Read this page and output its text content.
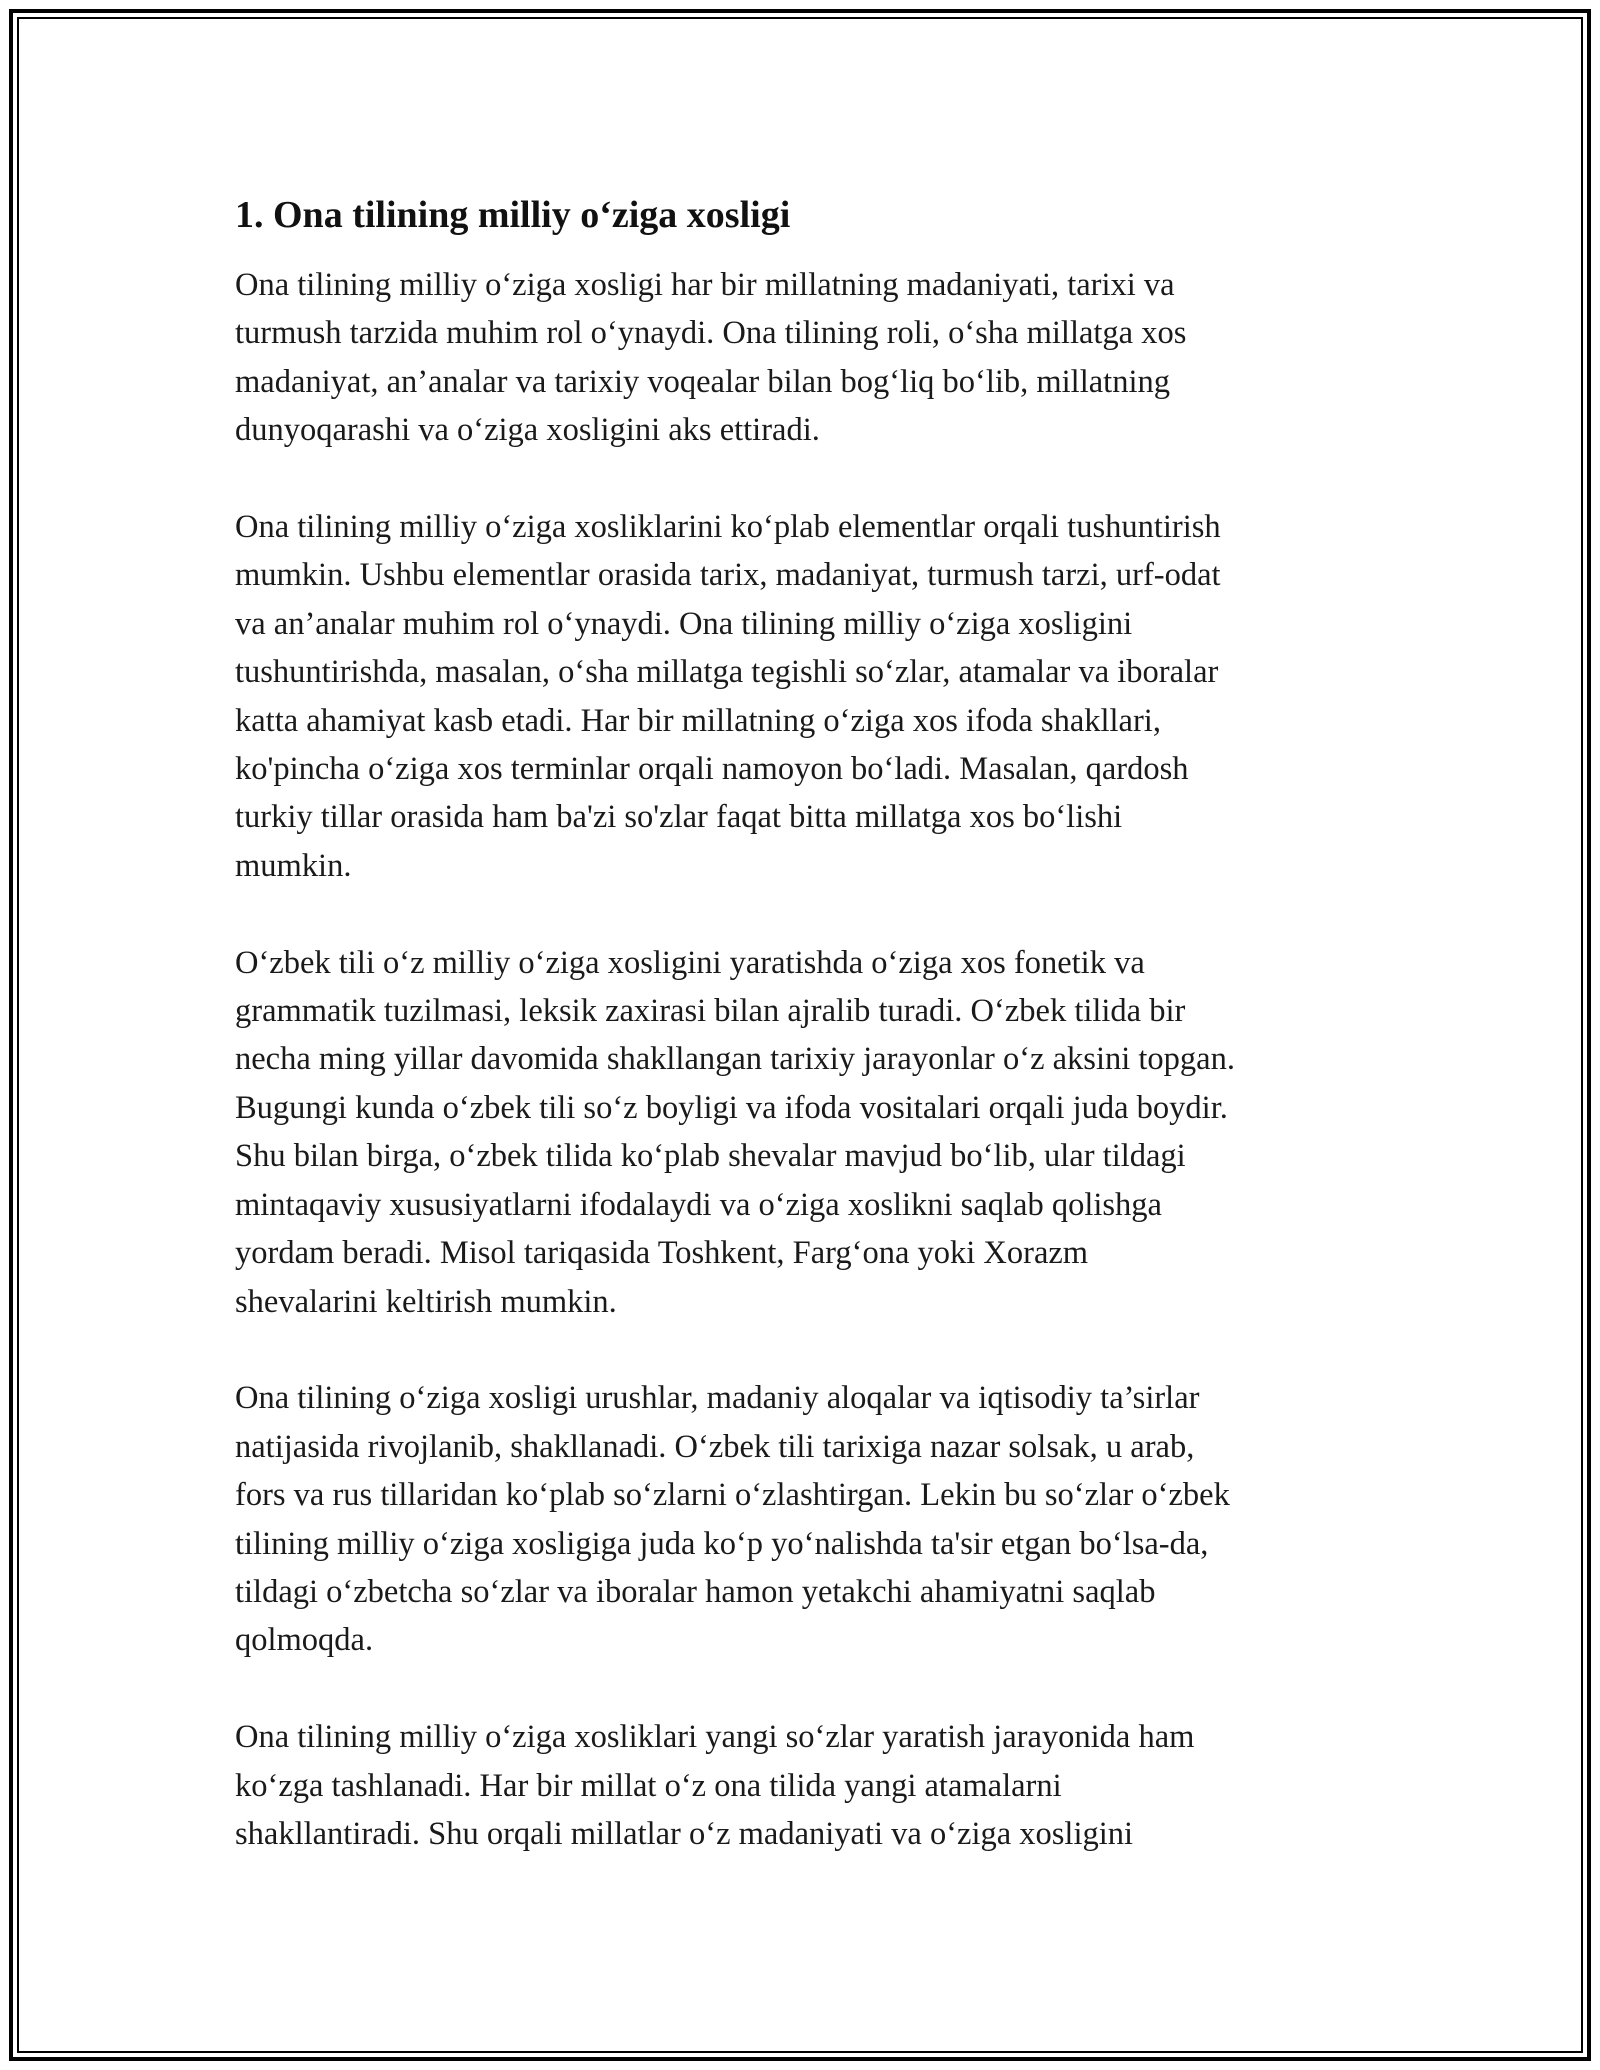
1. Ona tilining milliy o‘ziga xosligi
Ona tilining milliy o‘ziga xosligi har bir millatning madaniyati, tarixi va
turmush tarzida muhim rol o‘ynaydi. Ona tilining roli, o‘sha millatga xos
madaniyat, an’analar va tarixiy voqealar bilan bog‘liq bo‘lib, millatning
dunyoqarashi va o‘ziga xosligini aks ettiradi.
Ona tilining milliy o‘ziga xosliklarini ko‘plab elementlar orqali tushuntirish
mumkin. Ushbu elementlar orasida tarix, madaniyat, turmush tarzi, urf-odat
va an’analar muhim rol o‘ynaydi. Ona tilining milliy o‘ziga xosligini
tushuntirishda, masalan, o‘sha millatga tegishli so‘zlar, atamalar va iboralar
katta ahamiyat kasb etadi. Har bir millatning o‘ziga xos ifoda shakllari,
ko'pincha o‘ziga xos terminlar orqali namoyon bo‘ladi. Masalan, qardosh
turkiy tillar orasida ham ba'zi so'zlar faqat bitta millatga xos bo‘lishi
mumkin.
O‘zbek tili o‘z milliy o‘ziga xosligini yaratishda o‘ziga xos fonetik va
grammatik tuzilmasi, leksik zaxirasi bilan ajralib turadi. O‘zbek tilida bir
necha ming yillar davomida shakllangan tarixiy jarayonlar o‘z aksini topgan.
Bugungi kunda o‘zbek tili so‘z boyligi va ifoda vositalari orqali juda boydir.
Shu bilan birga, o‘zbek tilida ko‘plab shevalar mavjud bo‘lib, ular tildagi
mintaqaviy xususiyatlarni ifodalaydi va o‘ziga xoslikni saqlab qolishga
yordam beradi. Misol tariqasida Toshkent, Farg‘ona yoki Xorazm
shevalarini keltirish mumkin.
Ona tilining o‘ziga xosligi urushlar, madaniy aloqalar va iqtisodiy ta’sirlar
natijasida rivojlanib, shakllanadi. O‘zbek tili tarixiga nazar solsak, u arab,
fors va rus tillaridan ko‘plab so‘zlarni o‘zlashtirgan. Lekin bu so‘zlar o‘zbek
tilining milliy o‘ziga xosligiga juda ko‘p yo‘nalishda ta'sir etgan bo‘lsa-da,
tildagi o‘zbetcha so‘zlar va iboralar hamon yetakchi ahamiyatni saqlab
qolmoqda.
Ona tilining milliy o‘ziga xosliklari yangi so‘zlar yaratish jarayonida ham
ko‘zga tashlanadi. Har bir millat o‘z ona tilida yangi atamalarni
shakllantiradi. Shu orqali millatlar o‘z madaniyati va o‘ziga xosligini
